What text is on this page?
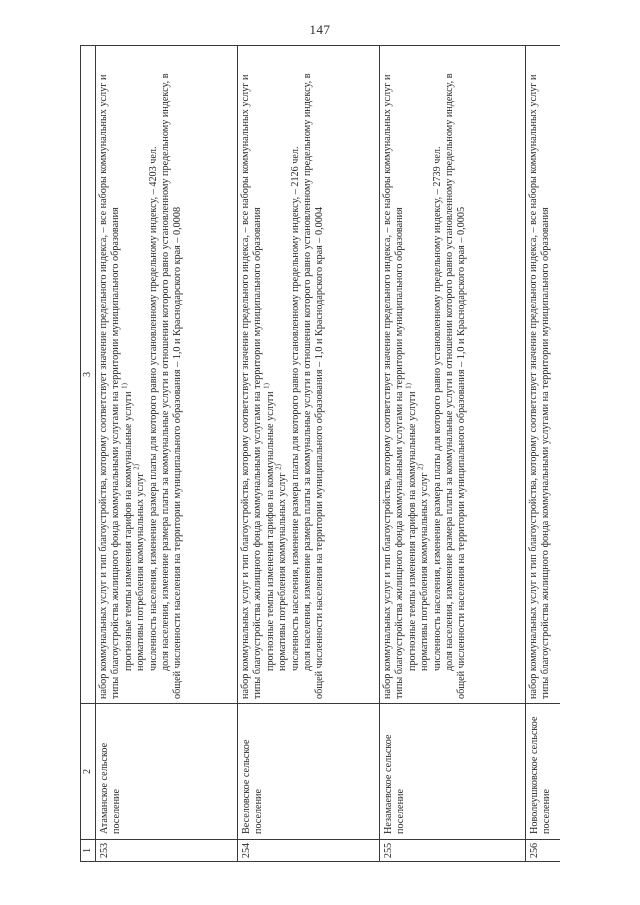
147
1	2	3
253	Атаманское сельское поселение	набор коммунальных услуг и тип благоустройства, которому соответствует значение предельного индекса, – все наборы коммунальных услуг и типы благоустройства жилищного фонда коммунальными услугами на территории муниципального образования прогнозные темпы изменения тарифов на коммунальные услуги $^{1)}$

нормативы потребления коммунальных услуг $^{2)}$ численность населения, изменение размера платы для которого равно установленному предельному индексу, – 4203 чел. доля населения, изменение размера платы за коммунальные услуги в отношении которого равно установленному предельному индексу, в общей численности населения на территории муниципального образования – 1,0 и Краснодарского края – 0,0008

254	Веселовское сельское поселение	набор коммунальных услуг и тип благоустройства, которому соответствует значение предельного индекса, – все наборы коммунальных услуг и типы благоустройства жилищного фонда коммунальными услугами на территории муниципального образования прогнозные темпы изменения тарифов на коммунальные услуги $^{1)}$

нормативы потребления коммунальных услуг $^{2)}$ численность населения, изменение размера платы для которого равно установленному предельному индексу, – 2126 чел. доля населения, изменение размера платы за коммунальные услуги в отношении которого равно установленному предельному индексу, в общей численности населения на территории муниципального образования – 1,0 и Краснодарского края – 0,0004

255	Незамаевское сельское поселение	набор коммунальных услуг и тип благоустройства, которому соответствует значение предельного индекса, – все наборы коммунальных услуг и типы благоустройства жилищного фонда коммунальными услугами на территории муниципального образования прогнозные темпы изменения тарифов на коммунальные услуги $^{1)}$

нормативы потребления коммунальных услуг $^{2)}$ численность населения, изменение размера платы для которого равно установленному предельному индексу, – 2739 чел. доля населения, изменение размера платы за коммунальные услуги в отношении которого равно установленному предельному индексу, в общей численности населения на территории муниципального образования – 1,0 и Краснодарского края – 0,0005

256	Новолеушковское сельское поселение	набор коммунальных услуг и тип благоустройства, которому соответствует значение предельного индекса, – все наборы коммунальных услуг и типы благоустройства жилищного фонда коммунальными услугами на территории муниципального образования
